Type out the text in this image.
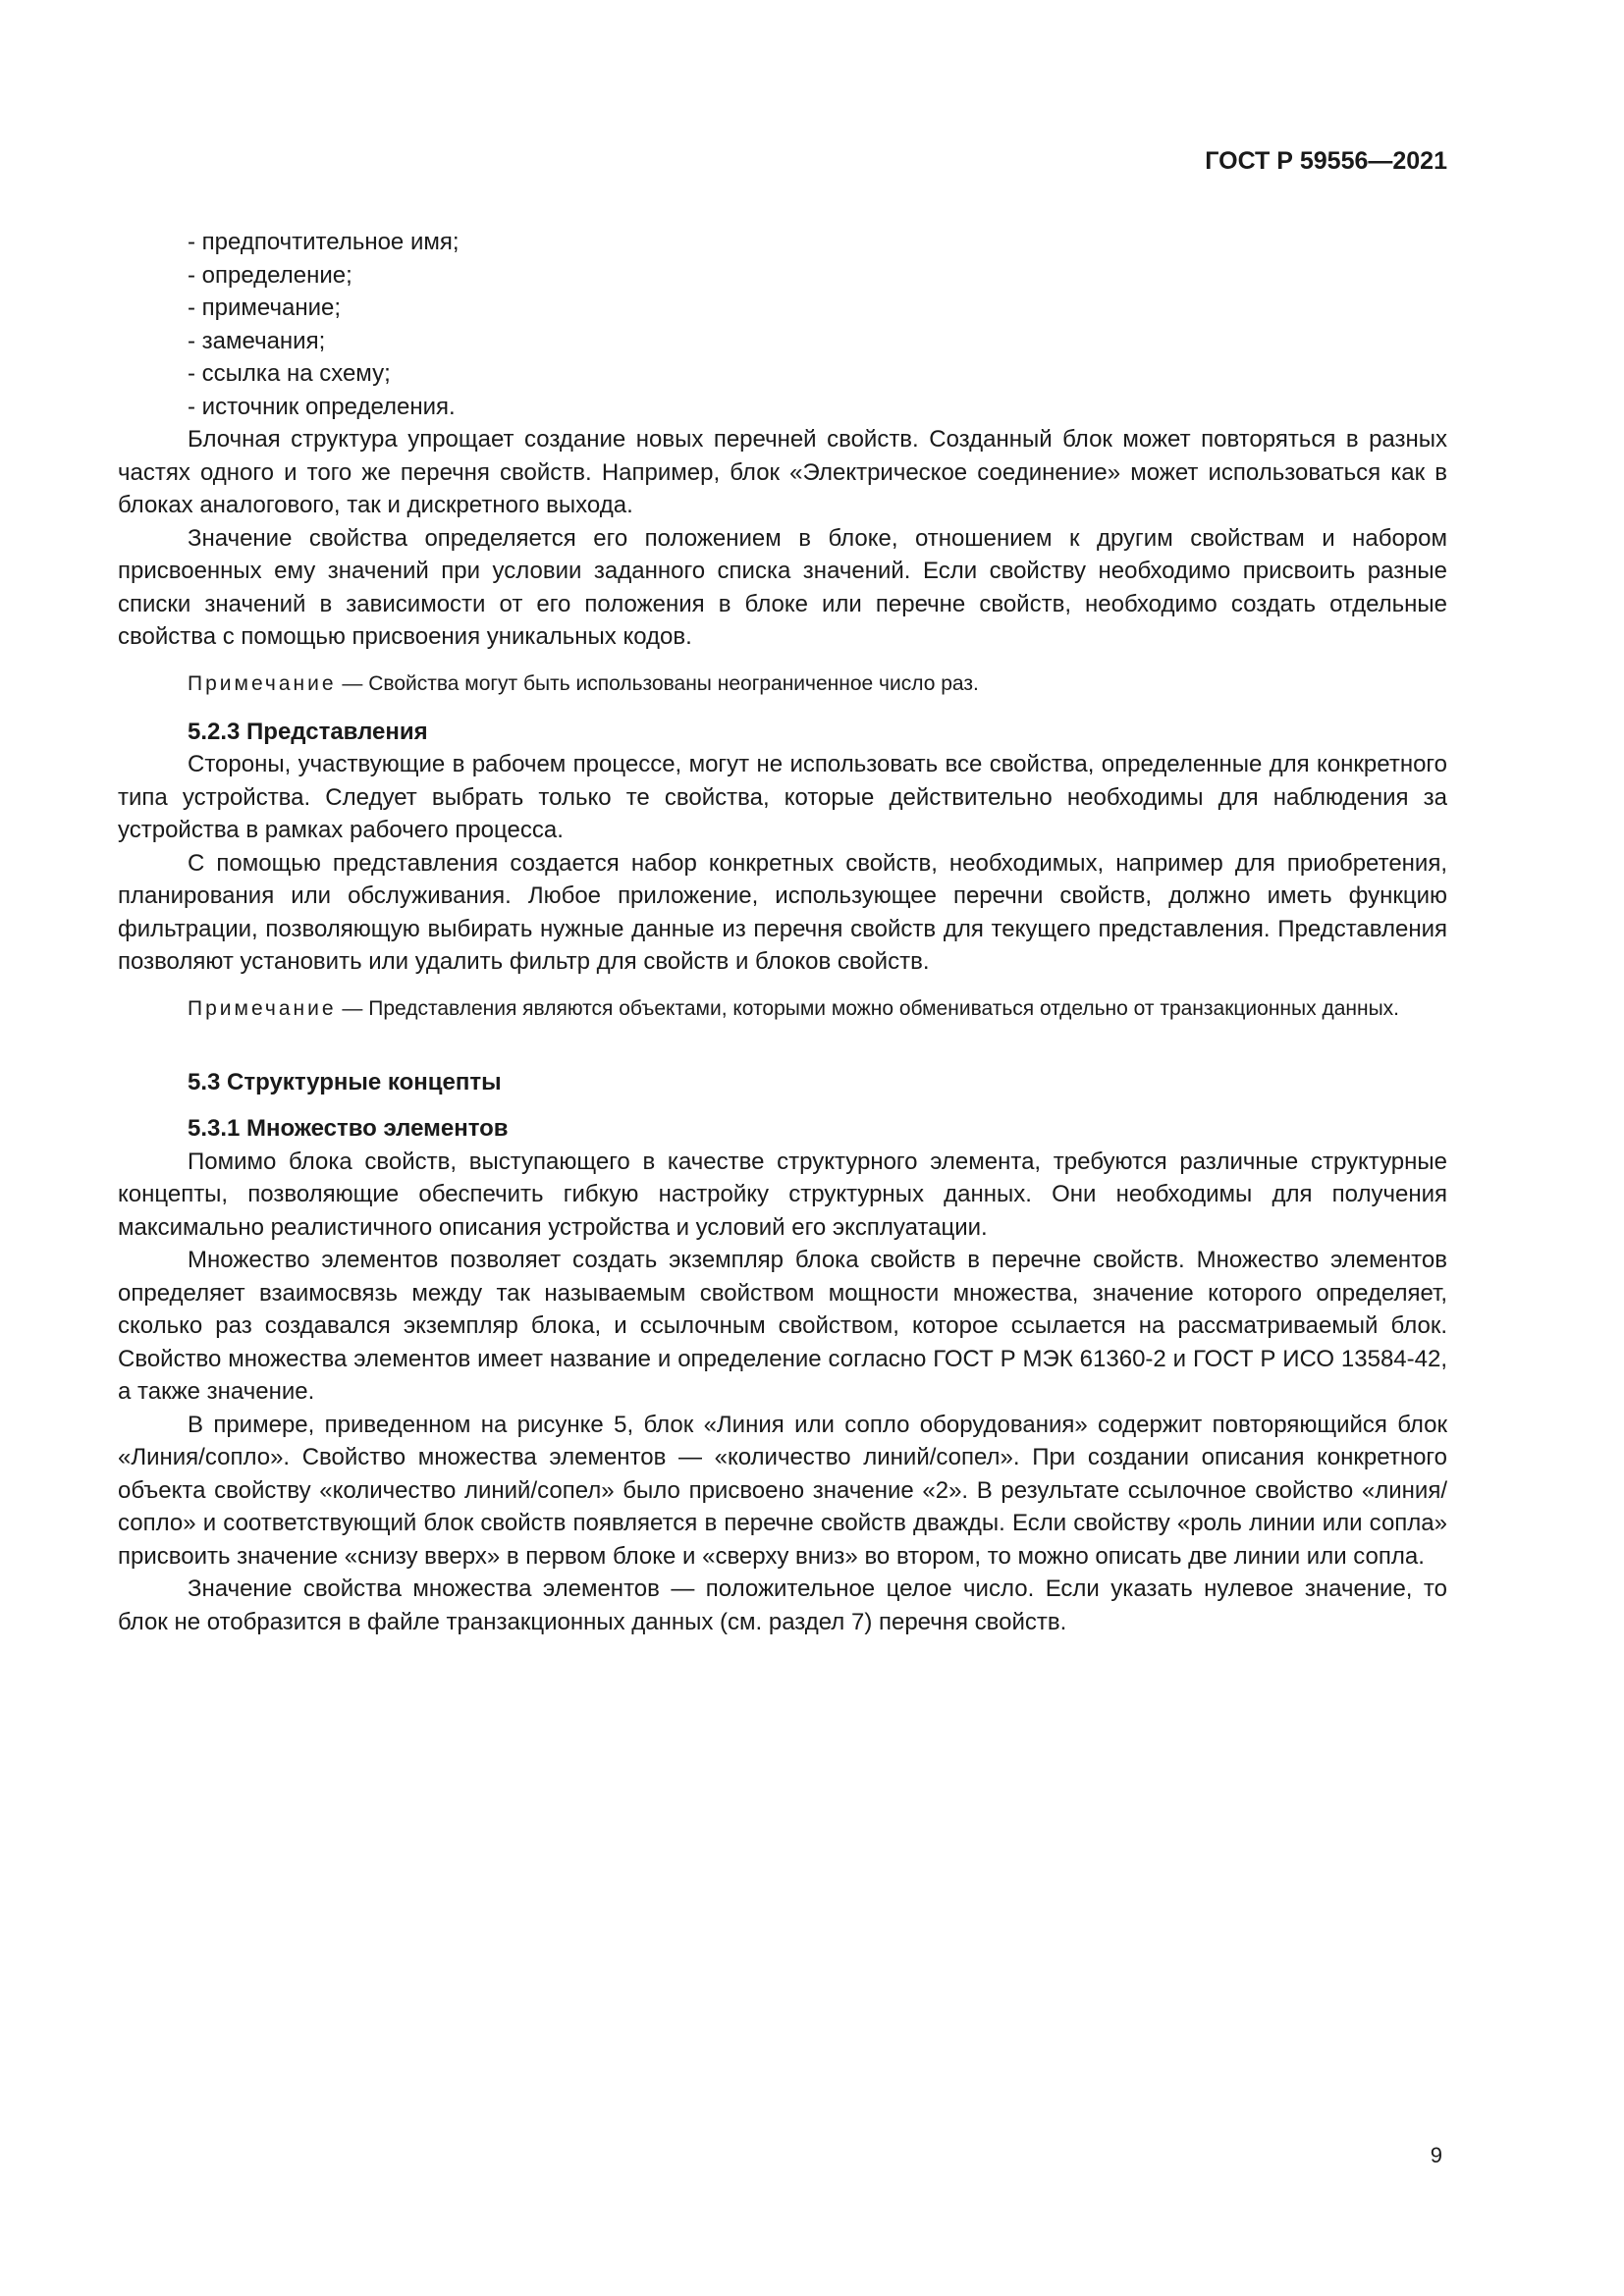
ГОСТ Р 59556—2021

- предпочтительное имя;

- определение;

- примечание;

- замечания;

- ссылка на схему;

- источник определения.

Блочная структура упрощает создание новых перечней свойств. Созданный блок может повторяться в разных частях одного и того же перечня свойств. Например, блок «Электрическое соединение» может использоваться как в блоках аналогового, так и дискретного выхода.

Значение свойства определяется его положением в блоке, отношением к другим свойствам и набором присвоенных ему значений при условии заданного списка значений. Если свойству необходимо присвоить разные списки значений в зависимости от его положения в блоке или перечне свойств, необходимо создать отдельные свойства с помощью присвоения уникальных кодов.

Примечание — Свойства могут быть использованы неограниченное число раз.

5.2.3 Представления

Стороны, участвующие в рабочем процессе, могут не использовать все свойства, определенные для конкретного типа устройства. Следует выбрать только те свойства, которые действительно необходимы для наблюдения за устройства в рамках рабочего процесса.

С помощью представления создается набор конкретных свойств, необходимых, например для приобретения, планирования или обслуживания. Любое приложение, использующее перечни свойств, должно иметь функцию фильтрации, позволяющую выбирать нужные данные из перечня свойств для текущего представления. Представления позволяют установить или удалить фильтр для свойств и блоков свойств.

Примечание — Представления являются объектами, которыми можно обмениваться отдельно от транзакционных данных.

5.3 Структурные концепты

5.3.1 Множество элементов

Помимо блока свойств, выступающего в качестве структурного элемента, требуются различные структурные концепты, позволяющие обеспечить гибкую настройку структурных данных. Они необходимы для получения максимально реалистичного описания устройства и условий его эксплуатации.

Множество элементов позволяет создать экземпляр блока свойств в перечне свойств. Множество элементов определяет взаимосвязь между так называемым свойством мощности множества, значение которого определяет, сколько раз создавался экземпляр блока, и ссылочным свойством, которое ссылается на рассматриваемый блок. Свойство множества элементов имеет название и определение согласно ГОСТ Р МЭК 61360-2 и ГОСТ Р ИСО 13584-42, а также значение.

В примере, приведенном на рисунке 5, блок «Линия или сопло оборудования» содержит повторяющийся блок «Линия/сопло». Свойство множества элементов — «количество линий/сопел». При создании описания конкретного объекта свойству «количество линий/сопел» было присвоено значение «2». В результате ссылочное свойство «линия/сопло» и соответствующий блок свойств появляется в перечне свойств дважды. Если свойству «роль линии или сопла» присвоить значение «снизу вверх» в первом блоке и «сверху вниз» во втором, то можно описать две линии или сопла.

Значение свойства множества элементов — положительное целое число. Если указать нулевое значение, то блок не отобразится в файле транзакционных данных (см. раздел 7) перечня свойств.

9
